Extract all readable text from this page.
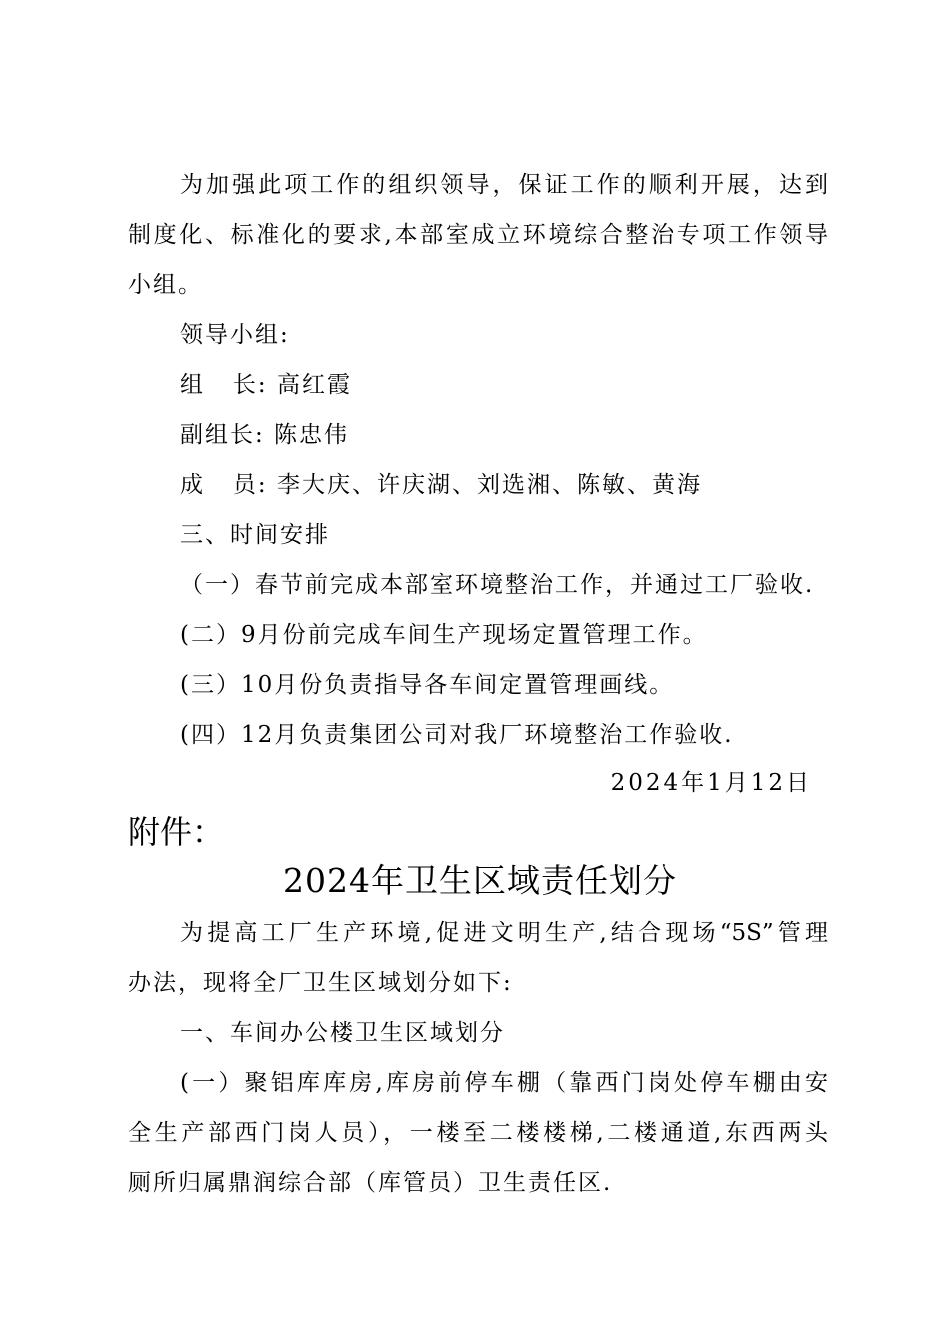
为加强此项工作的组织领导，保证工作的顺利开展，达到
制度化、标准化的要求,本部室成立环境综合整治专项工作领导
小组。
领导小组:
组   长: 高红霞
副组长: 陈忠伟
成   员: 李大庆、许庆湖、刘选湘、陈敏、黄海
三、时间安排
（一）春节前完成本部室环境整治工作，并通过工厂验收.
(二）9月份前完成车间生产现场定置管理工作。
(三）10月份负责指导各车间定置管理画线。
(四）12月负责集团公司对我厂环境整治工作验收.
2024年1月12日
附件：
2024年卫生区域责任划分
为提高工厂生产环境,促进文明生产,结合现场“5S”管理
办法，现将全厂卫生区域划分如下:
一、车间办公楼卫生区域划分
(一）聚铝库库房,库房前停车棚（靠西门岗处停车棚由安
全生产部西门岗人员），一楼至二楼楼梯,二楼通道,东西两头
厕所归属鼎润综合部（库管员）卫生责任区.
